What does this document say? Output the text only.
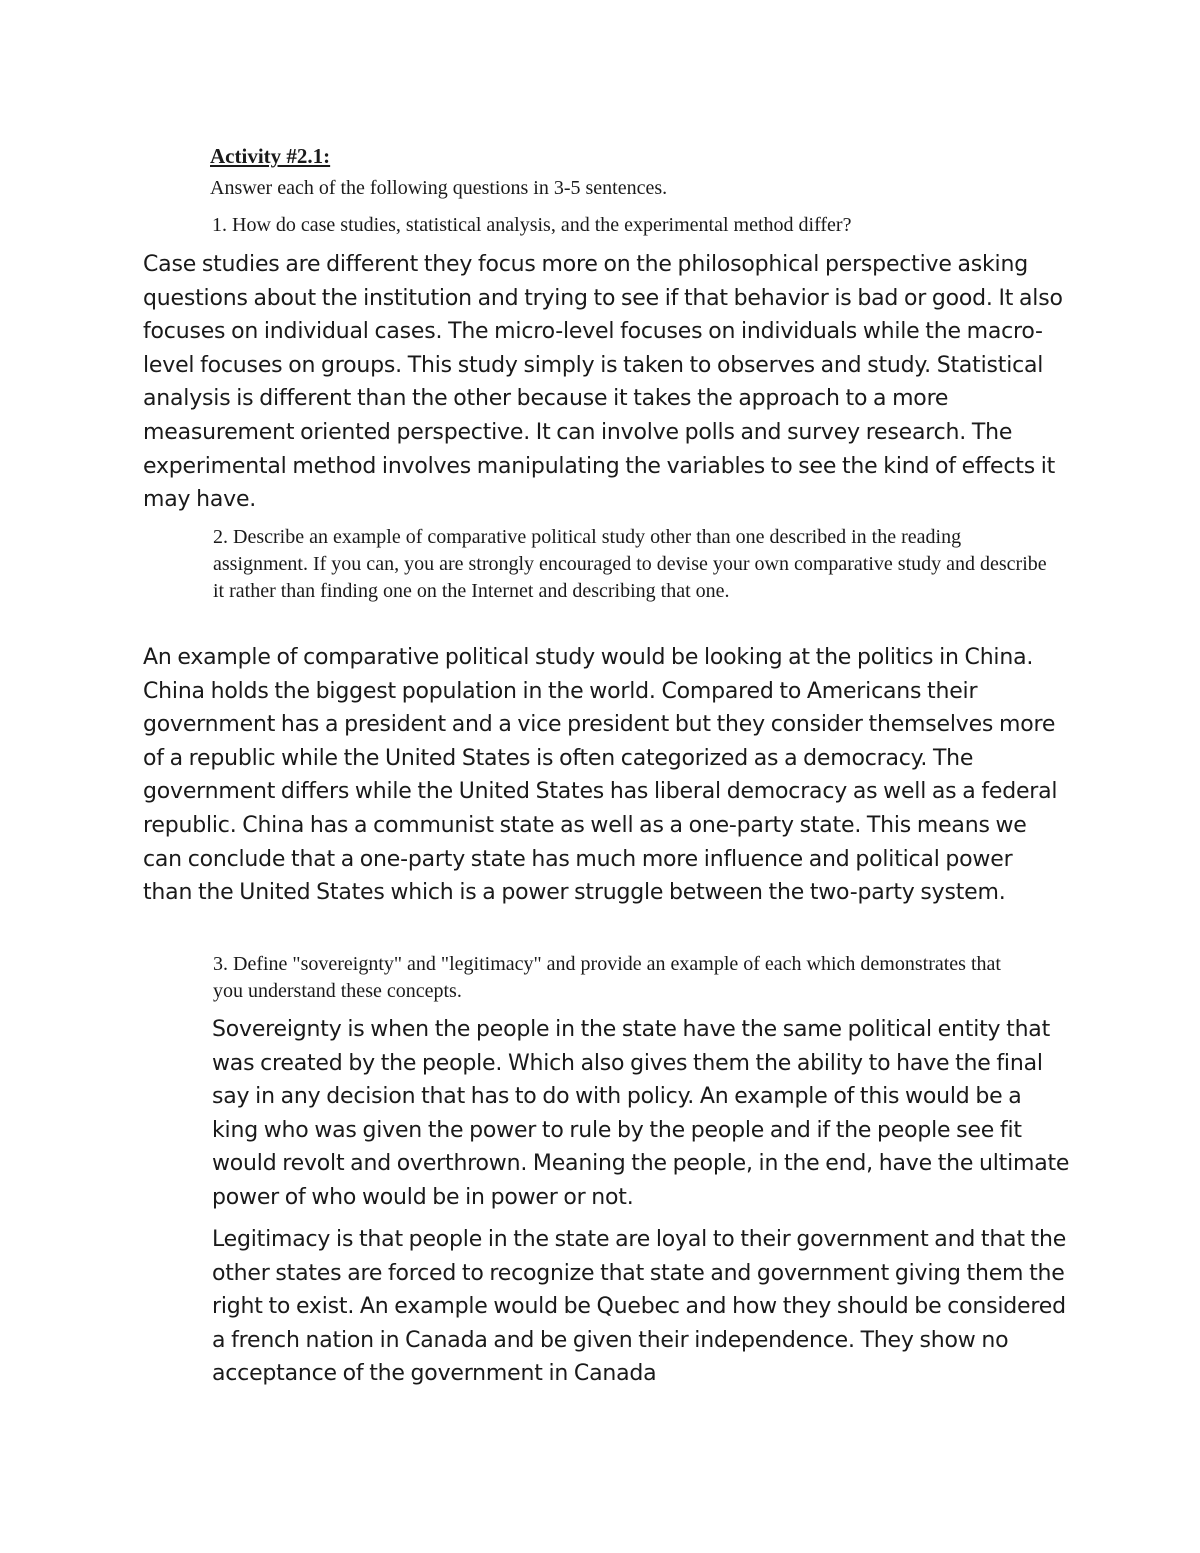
Activity #2.1:
Answer each of the following questions in 3-5 sentences.
1. How do case studies, statistical analysis, and the experimental method differ?

Case studies are different they focus more on the philosophical perspective asking questions about the institution and trying to see if that behavior is bad or good. It also focuses on individual cases. The micro-level focuses on individuals while the macro-level focuses on groups. This study simply is taken to observes and study. Statistical analysis is different than the other because it takes the approach to a more measurement oriented perspective. It can involve polls and survey research. The experimental method involves manipulating the variables to see the kind of effects it may have.

2. Describe an example of comparative political study other than one described in the reading assignment. If you can, you are strongly encouraged to devise your own comparative study and describe it rather than finding one on the Internet and describing that one.

An example of comparative political study would be looking at the politics in China. China holds the biggest population in the world. Compared to Americans their government has a president and a vice president but they consider themselves more of a republic while the United States is often categorized as a democracy. The government differs while the United States has liberal democracy as well as a federal republic. China has a communist state as well as a one-party state. This means we can conclude that a one-party state has much more influence and political power than the United States which is a power struggle between the two-party system.

3. Define "sovereignty" and "legitimacy" and provide an example of each which demonstrates that you understand these concepts.

Sovereignty is when the people in the state have the same political entity that was created by the people. Which also gives them the ability to have the final say in any decision that has to do with policy. An example of this would be a king who was given the power to rule by the people and if the people see fit would revolt and overthrown. Meaning the people, in the end, have the ultimate power of who would be in power or not.

Legitimacy is that people in the state are loyal to their government and that the other states are forced to recognize that state and government giving them the right to exist. An example would be Quebec and how they should be considered a french nation in Canada and be given their independence. They show no acceptance of the government in Canada
